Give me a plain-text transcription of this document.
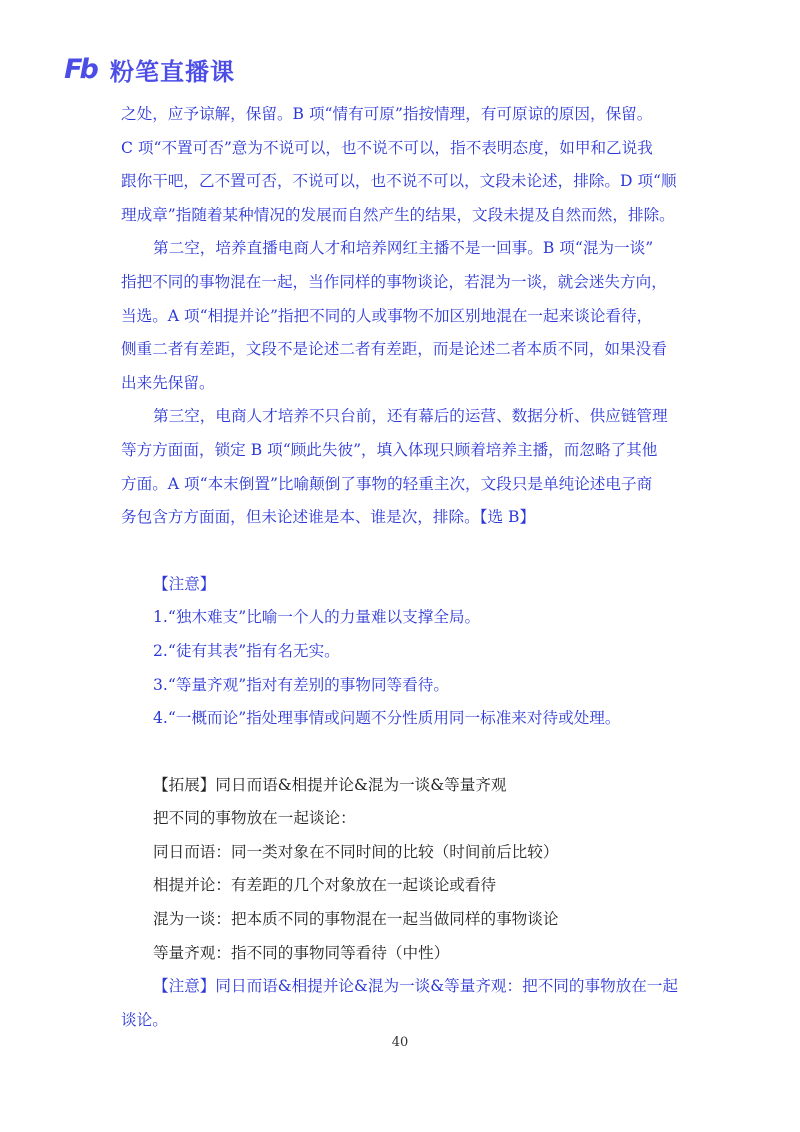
Fb 粉笔直播课
之处，应予谅解，保留。B 项“情有可原”指按情理，有可原谅的原因，保留。
C 项“不置可否”意为不说可以，也不说不可以，指不表明态度，如甲和乙说我
跟你干吧，乙不置可否，不说可以，也不说不可以，文段未论述，排除。D 项“顺
理成章”指随着某种情况的发展而自然产生的结果，文段未提及自然而然，排除。
第二空，培养直播电商人才和培养网红主播不是一回事。B 项“混为一谈”
指把不同的事物混在一起，当作同样的事物谈论，若混为一谈，就会迷失方向，
当选。A 项“相提并论”指把不同的人或事物不加区别地混在一起来谈论看待，
侧重二者有差距，文段不是论述二者有差距，而是论述二者本质不同，如果没看
出来先保留。
第三空，电商人才培养不只台前，还有幕后的运营、数据分析、供应链管理
等方方面面，锁定 B 项“顾此失彼”，填入体现只顾着培养主播，而忽略了其他
方面。A 项“本末倒置”比喻颠倒了事物的轻重主次，文段只是单纯论述电子商
务包含方方面面，但未论述谁是本、谁是次，排除。【选 B】
【注意】
1.“独木难支”比喻一个人的力量难以支撑全局。
2.“徒有其表”指有名无实。
3.“等量齐观”指对有差别的事物同等看待。
4.“一概而论”指处理事情或问题不分性质用同一标准来对待或处理。
【拓展】同日而语&相提并论&混为一谈&等量齐观
把不同的事物放在一起谈论：
同日而语：同一类对象在不同时间的比较（时间前后比较）
相提并论：有差距的几个对象放在一起谈论或看待
混为一谈：把本质不同的事物混在一起当做同样的事物谈论
等量齐观：指不同的事物同等看待（中性）
【注意】同日而语&相提并论&混为一谈&等量齐观：把不同的事物放在一起
谈论。
40
